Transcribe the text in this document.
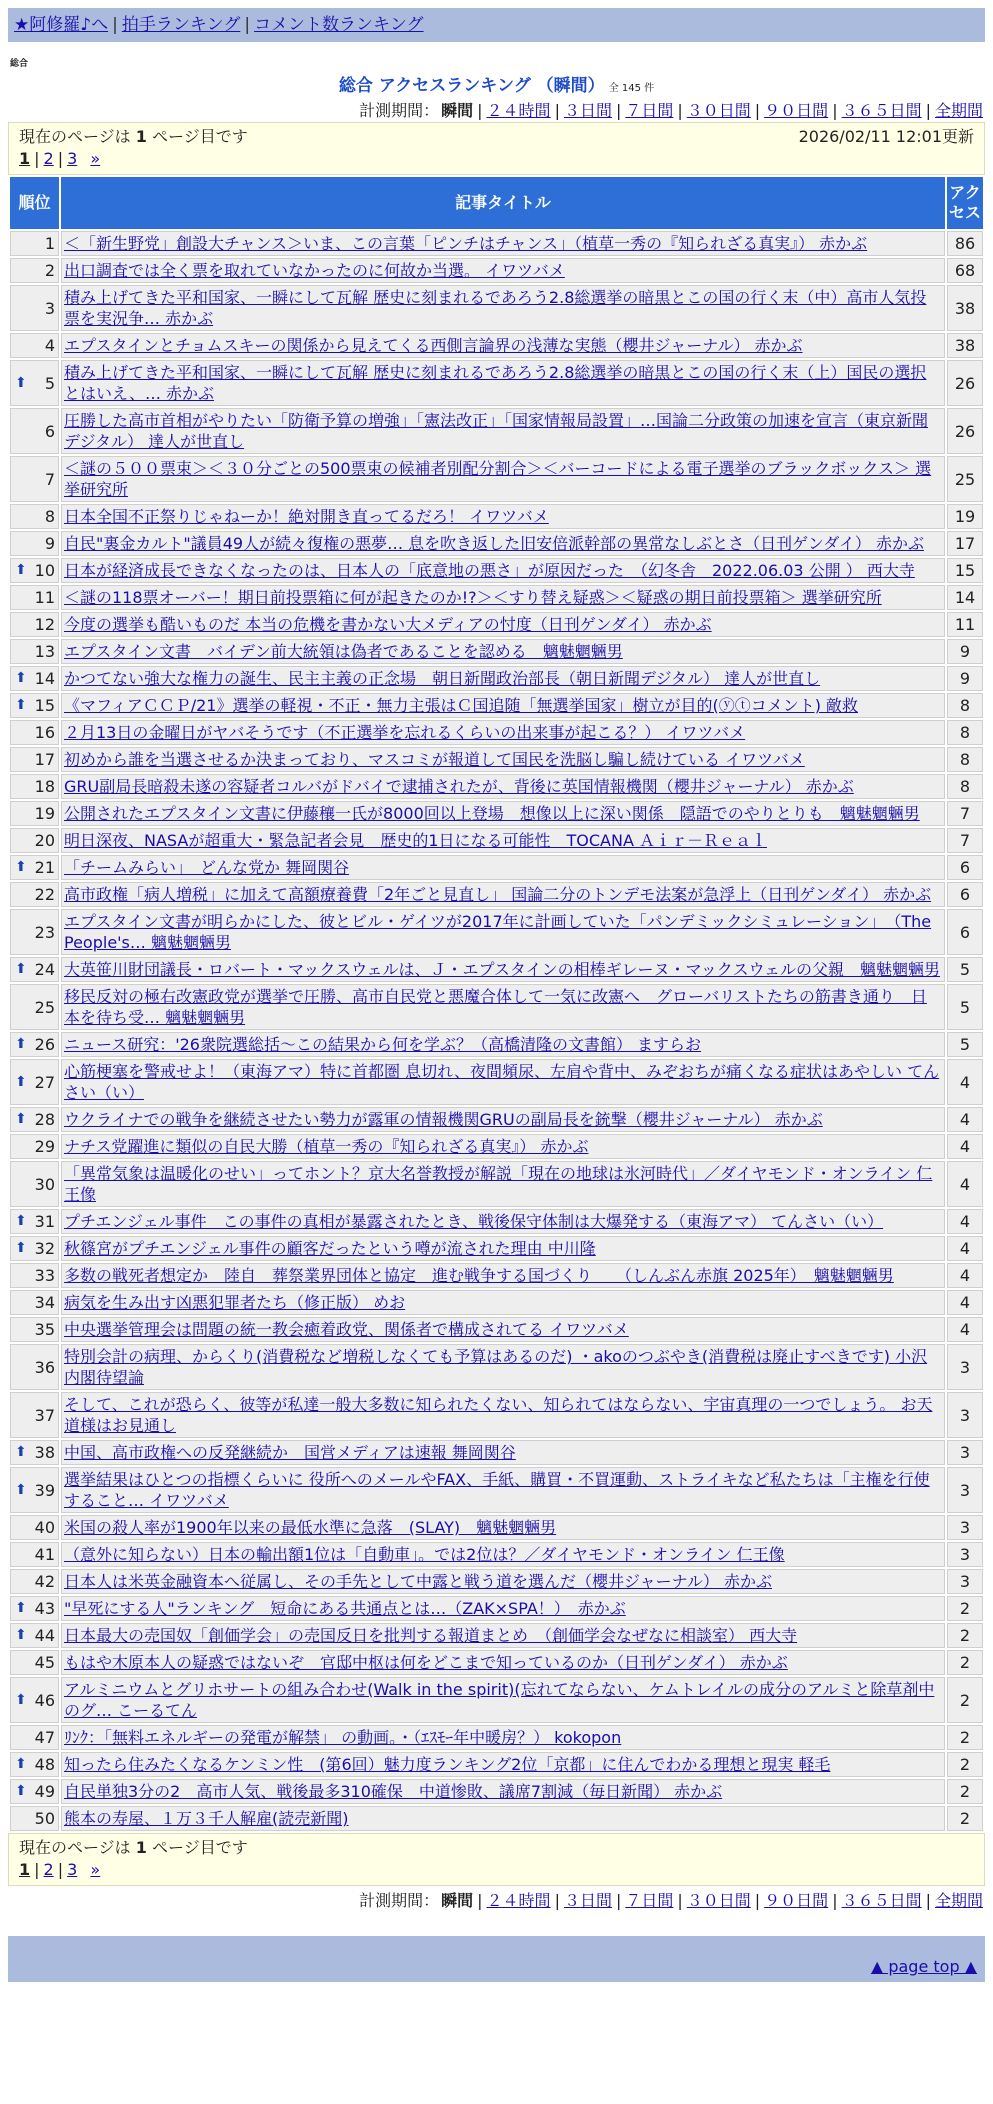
★阿修羅♪へ | 拍手ランキング | コメント数ランキング
総合
総合 アクセスランキング （瞬間） 全 145 件
計測期間： 瞬間 | ２４時間 | ３日間 | ７日間 | ３０日間 | ９０日間 | ３６５日間 | 全期間
現在のページは 1 ページ目です	2026/02/11 12:01更新
1 | 2 | 3 »
順位	記事タイトル	アクセス
1	＜「新生野党」創設大チャンス＞いま、この言葉「ピンチはチャンス」（植草一秀の『知られざる真実』） 赤かぶ	86
2	出口調査では全く票を取れていなかったのに何故か当選。 イワツバメ	68
3	積み上げてきた平和国家、一瞬にして瓦解 歴史に刻まれるであろう2.8総選挙の暗黒とこの国の行く末（中）高市人気投票を実況争… 赤かぶ	38
4	エプスタインとチョムスキーの関係から見えてくる西側言論界の浅薄な実態（櫻井ジャーナル） 赤かぶ	38

⬆ 5	積み上げてきた平和国家、一瞬にして瓦解 歴史に刻まれるであろう2.8総選挙の暗黒とこの国の行く末（上）国民の選択とはいえ、… 赤かぶ	26
6	圧勝した高市首相がやりたい「防衛予算の増強」「憲法改正」「国家情報局設置」…国論二分政策の加速を宣言（東京新聞デジタル） 達人が世直し	26
7	＜謎の５００票束＞＜３０分ごとの500票束の候補者別配分割合＞＜バーコードによる電子選挙のブラックボックス＞ 選挙研究所	25
8	日本全国不正祭りじゃねーか！絶対開き直ってるだろ！ イワツバメ	19
9	自民"裏金カルト"議員49人が続々復権の悪夢… 息を吹き返した旧安倍派幹部の異常なしぶとさ（日刊ゲンダイ） 赤かぶ	17

⬆ 10	日本が経済成長できなくなったのは、日本人の「底意地の悪さ」が原因だった　（幻冬舎　2022.06.03 公開 ） 西大寺	15
11	＜謎の118票オーバー！期日前投票箱に何が起きたのか!?＞＜すり替え疑惑＞＜疑惑の期日前投票箱＞ 選挙研究所	14
12	今度の選挙も酷いものだ 本当の危機を書かない大メディアの忖度（日刊ゲンダイ） 赤かぶ	11
13	エプスタイン文書　バイデン前大統領は偽者であることを認める　魑魅魍魎男	9

⬆ 14	かつてない強大な権力の誕生、民主主義の正念場　朝日新聞政治部長（朝日新聞デジタル） 達人が世直し	9

⬆ 15	《マフィアＣＣＰ/21》選挙の軽視・不正・無力主張はＣ国追随「無選挙国家」樹立が目的(ⓨⓣコメント) 敵救	8
16	２月13日の金曜日がヤバそうです（不正選挙を忘れるくらいの出来事が起こる？） イワツバメ	8
17	初めから誰を当選させるか決まっており、マスコミが報道して国民を洗脳し騙し続けている イワツバメ	8
18	GRU副局長暗殺未遂の容疑者コルバがドバイで逮捕されたが、背後に英国情報機関（櫻井ジャーナル） 赤かぶ	8
19	公開されたエプスタイン文書に伊藤穰一氏が8000回以上登場　想像以上に深い関係　隠語でのやりとりも　魑魅魍魎男	7
20	明日深夜、NASAが超重大・緊急記者会見　歴史的1日になる可能性　TOCANA Ａｉｒ－Ｒｅａｌ	7

⬆ 21	「チームみらい」　どんな党か 舞岡関谷	6
22	高市政権「病人増税」に加えて高額療養費「2年ごと見直し」 国論二分のトンデモ法案が急浮上（日刊ゲンダイ） 赤かぶ	6
23	エプスタイン文書が明らかにした、彼とビル・ゲイツが2017年に計画していた「パンデミックシミュレーション」　（The People's… 魑魅魍魎男	6

⬆ 24	大英笹川財団議長・ロバート・マックスウェルは、Ｊ・エプスタインの相棒ギレーヌ・マックスウェルの父親　魑魅魍魎男	5
25	移民反対の極右改憲政党が選挙で圧勝、高市自民党と悪魔合体して一気に改憲へ　グローバリストたちの筋書き通り　日本を待ち受… 魑魅魍魎男	5

⬆ 26	ニュース研究：'26衆院選総括〜この結果から何を学ぶ？（高橋清隆の文書館） ますらお	5

⬆ 27	心筋梗塞を警戒せよ！（東海アマ）特に首都圏 息切れ、夜間頻尿、左肩や背中、みぞおちが痛くなる症状はあやしい てんさい（い）	4

⬆ 28	ウクライナでの戦争を継続させたい勢力が露軍の情報機関GRUの副局長を銃撃（櫻井ジャーナル） 赤かぶ	4
29	ナチス党躍進に類似の自民大勝（植草一秀の『知られざる真実』） 赤かぶ	4
30	「異常気象は温暖化のせい」ってホント？京大名誉教授が解説「現在の地球は氷河時代」／ダイヤモンド・オンライン 仁王像	4

⬆ 31	プチエンジェル事件　この事件の真相が暴露されたとき、戦後保守体制は大爆発する（東海アマ） てんさい（い）	4

⬆ 32	秋篠宮がプチエンジェル事件の顧客だったという噂が流された理由 中川隆	4
33	多数の戦死者想定か　陸自　葬祭業界団体と協定　進む戦争する国づくり　　（しんぶん赤旗 2025年）　魑魅魍魎男	4
34	病気を生み出す凶悪犯罪者たち（修正版） めお	4
35	中央選挙管理会は問題の統一教会癒着政党、関係者で構成されてる イワツバメ	4
36	特別会計の病理、からくり(消費税など増税しなくても予算はあるのだ) ・akoのつぶやき(消費税は廃止すべきです) 小沢内閣待望論	3
37	そして、これが恐らく、彼等が私達一般大多数に知られたくない、知られてはならない、宇宙真理の一つでしょう。 お天道様はお見通し	3

⬆ 38	中国、高市政権への反発継続か　国営メディアは速報 舞岡関谷	3

⬆ 39	選挙結果はひとつの指標くらいに 役所へのメールやFAX、手紙、購買・不買運動、ストライキなど私たちは「主権を行使すること… イワツバメ	3
40	米国の殺人率が1900年以来の最低水準に急落　(SLAY)　魑魅魍魎男	3
41	（意外に知らない）日本の輸出額1位は「自動車」。では2位は？／ダイヤモンド・オンライン 仁王像	3
42	日本人は米英金融資本へ従属し、その手先として中露と戦う道を選んだ（櫻井ジャーナル） 赤かぶ	3

⬆ 43	"早死にする人"ランキング　短命にある共通点とは…（ZAK×SPA！）　赤かぶ	2

⬆ 44	日本最大の売国奴「創価学会」の売国反日を批判する報道まとめ　（創価学会なぜなに相談室） 西大寺	2
45	もはや木原本人の疑惑ではないぞ　官邸中枢は何をどこまで知っているのか（日刊ゲンダイ） 赤かぶ	2

⬆ 46	アルミニウムとグリホサートの組み合わせ(Walk in the spirit)(忘れてならない、ケムトレイルの成分のアルミと除草剤中のグ… こーるてん	2
47	ﾘﾝｸ：「無料エネルギーの発電が解禁」 の動画。・（ｴｽﾓｰ年中暖房？） kokopon	2

⬆ 48	知ったら住みたくなるケンミン性　(第6回）魅力度ランキング2位「京都」に住んでわかる理想と現実 軽毛	2

⬆ 49	自民単独3分の2　高市人気、戦後最多310確保　中道惨敗、議席7割減（毎日新聞） 赤かぶ	2
50	熊本の寿屋、１万３千人解雇(読売新聞)	2
現在のページは 1 ページ目です
1 | 2 | 3 »
計測期間： 瞬間 | ２４時間 | ３日間 | ７日間 | ３０日間 | ９０日間 | ３６５日間 | 全期間
▲ page top ▲
